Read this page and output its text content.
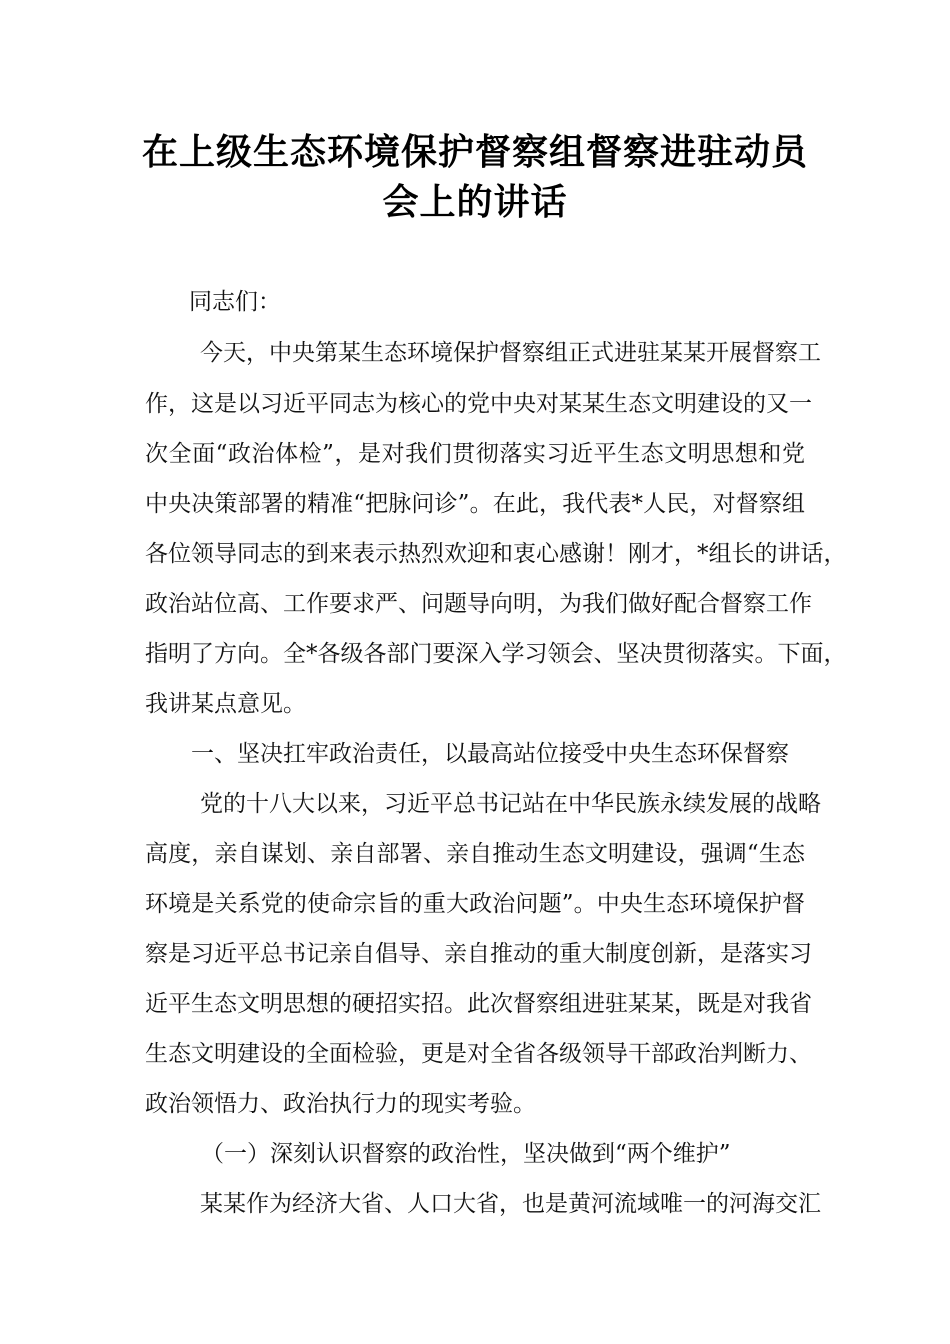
在上级生态环境保护督察组督察进驻动员
会上的讲话
同志们：
今天，中央第某生态环境保护督察组正式进驻某某开展督察工
作，这是以习近平同志为核心的党中央对某某生态文明建设的又一
次全面“政治体检”，是对我们贯彻落实习近平生态文明思想和党
中央决策部署的精准“把脉问诊”。在此，我代表*人民，对督察组
各位领导同志的到来表示热烈欢迎和衷心感谢！刚才，*组长的讲话，
政治站位高、工作要求严、问题导向明，为我们做好配合督察工作
指明了方向。全*各级各部门要深入学习领会、坚决贯彻落实。下面，
我讲某点意见。
一、坚决扛牢政治责任，以最高站位接受中央生态环保督察
党的十八大以来，习近平总书记站在中华民族永续发展的战略
高度，亲自谋划、亲自部署、亲自推动生态文明建设，强调“生态
环境是关系党的使命宗旨的重大政治问题”。中央生态环境保护督
察是习近平总书记亲自倡导、亲自推动的重大制度创新，是落实习
近平生态文明思想的硬招实招。此次督察组进驻某某，既是对我省
生态文明建设的全面检验，更是对全省各级领导干部政治判断力、
政治领悟力、政治执行力的现实考验。
（一）深刻认识督察的政治性，坚决做到“两个维护”
某某作为经济大省、人口大省，也是黄河流域唯一的河海交汇
